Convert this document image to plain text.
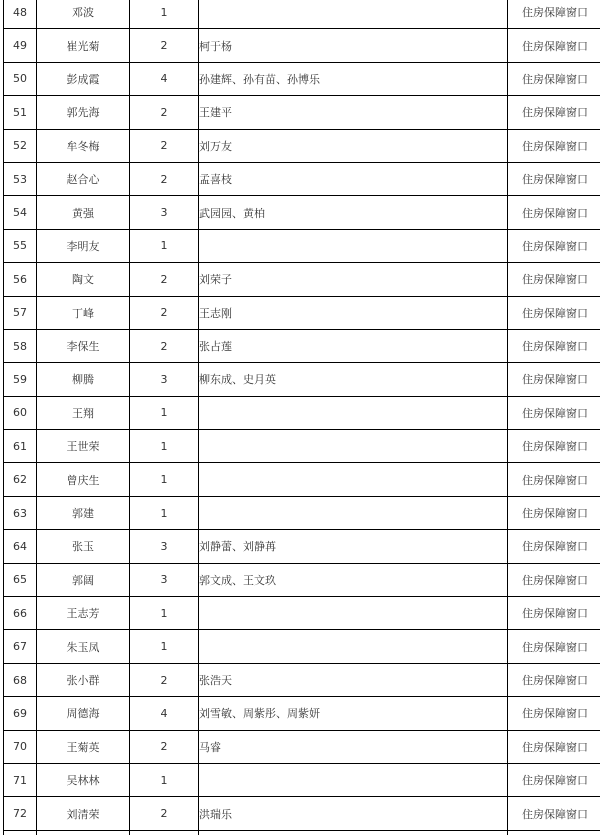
48	邓波	1		住房保障窗口
49	崔光菊	2	柯于杨	住房保障窗口
50	彭成霞	4	孙建辉、孙有苗、孙博乐	住房保障窗口
51	郭先海	2	王建平	住房保障窗口
52	牟冬梅	2	刘万友	住房保障窗口
53	赵合心	2	孟喜枝	住房保障窗口
54	黄强	3	武园园、黄柏	住房保障窗口
55	李明友	1		住房保障窗口
56	陶文	2	刘荣子	住房保障窗口
57	丁峰	2	王志刚	住房保障窗口
58	李保生	2	张占莲	住房保障窗口
59	柳腾	3	柳东成、史月英	住房保障窗口
60	王翔	1		住房保障窗口
61	王世荣	1		住房保障窗口
62	曾庆生	1		住房保障窗口
63	郭建	1		住房保障窗口
64	张玉	3	刘静蕾、刘静苒	住房保障窗口
65	郭阔	3	郭文成、王文玖	住房保障窗口
66	王志芳	1		住房保障窗口
67	朱玉凤	1		住房保障窗口
68	张小群	2	张浩天	住房保障窗口
69	周德海	4	刘雪敏、周紫彤、周紫妍	住房保障窗口
70	王菊英	2	马睿	住房保障窗口
71	吴林林	1		住房保障窗口
72	刘清荣	2	洪瑞乐	住房保障窗口
